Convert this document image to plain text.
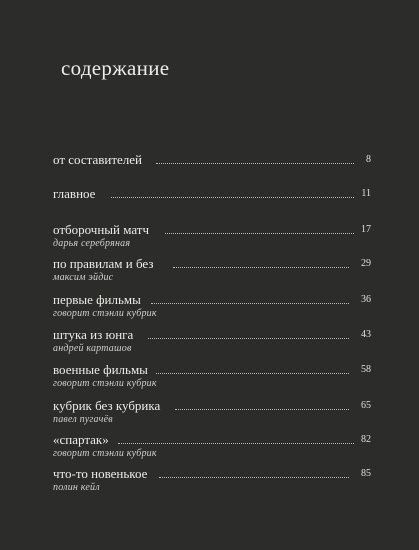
содержание
от составителей	8
главное	11
отборочный матч	17
дарья серебряная
по правилам и без	29
максим эйдис
первые фильмы	36
говорит стэнли кубрик
штука из юнга	43
андрей карташов
военные фильмы	58
говорит стэнли кубрик
кубрик без кубрика	65
павел пугачёв
«спартак»	82
говорит стэнли кубрик
что-то новенькое	85
полин кейл
